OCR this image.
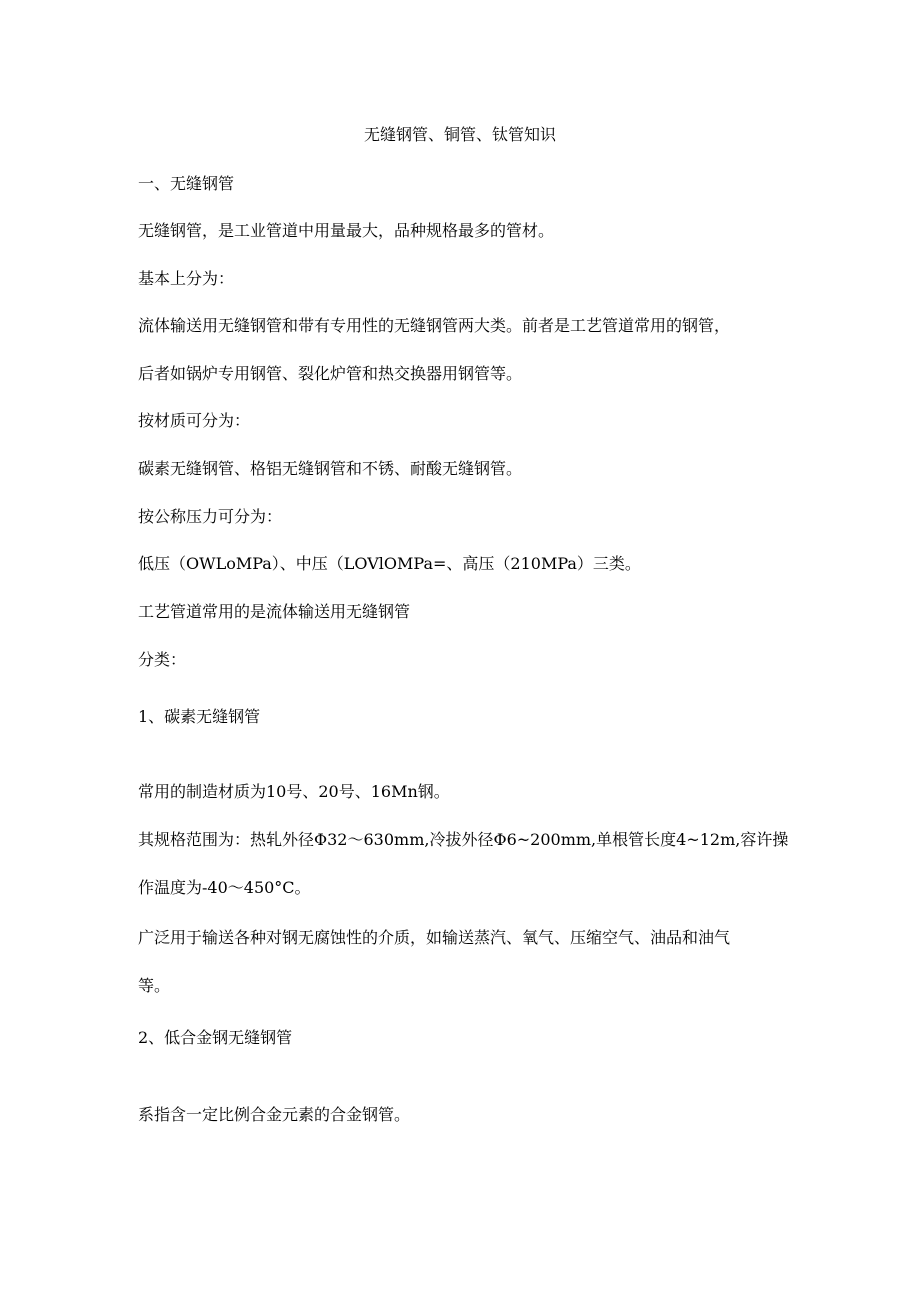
无缝钢管、铜管、钛管知识
一、无缝钢管
无缝钢管，是工业管道中用量最大，品种规格最多的管材。
基本上分为：
流体输送用无缝钢管和带有专用性的无缝钢管两大类。前者是工艺管道常用的钢管，
后者如锅炉专用钢管、裂化炉管和热交换器用钢管等。
按材质可分为：
碳素无缝钢管、格铝无缝钢管和不锈、耐酸无缝钢管。
按公称压力可分为：
低压（OWLoMPa）、中压（LOVlOMPa=、高压（210MPa）三类。
工艺管道常用的是流体输送用无缝钢管
分类：
1、碳素无缝钢管
常用的制造材质为10号、20号、16Mn钢。
其规格范围为：热轧外径Φ32～630mm,冷拔外径Φ6~200mm,单根管长度4~12m,容许操
作温度为-40～450°C。
广泛用于输送各种对钢无腐蚀性的介质，如输送蒸汽、氧气、压缩空气、油品和油气
等。
2、低合金钢无缝钢管
系指含一定比例合金元素的合金钢管。
